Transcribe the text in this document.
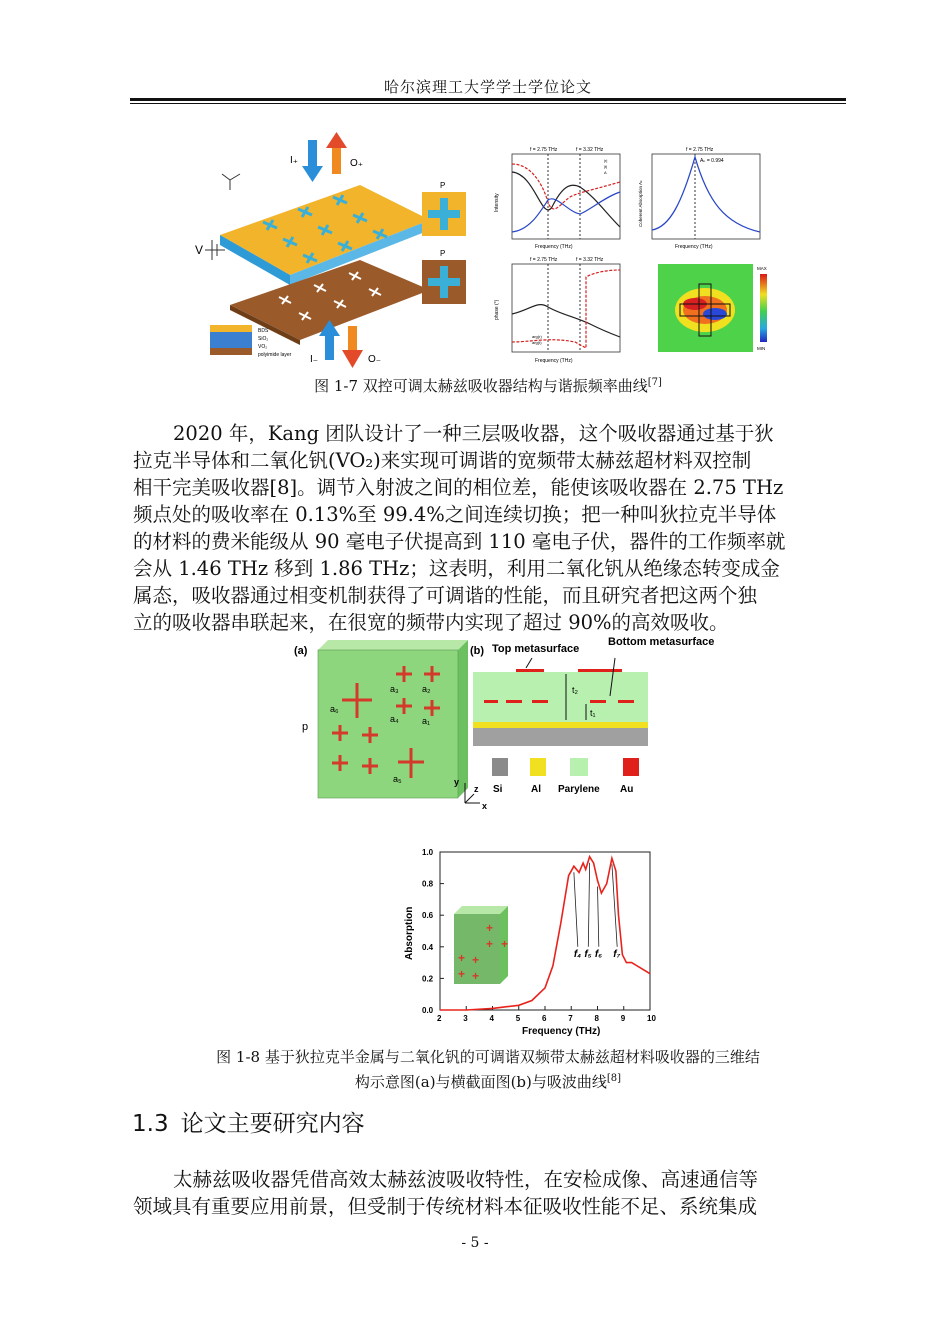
哈尔滨理工大学学士学位论文
I₊	O₊
V
BDS
SiO₂
VO₂
polyimide layer I₋	O₋
P
P
f = 2.75 THz	f = 3.32 THz
Frequency (THz)
Intensity
|r|
|t|
A
f = 2.75 THz
Aₖ = 0.994
Frequency (THz)
Coherent Absorption Aₖ
f = 2.75 THz	f = 3.32 THz
Frequency (THz)
phase (°)
arg(r)
arg(t)
MAX
MIN
图 1-7 双控可调太赫兹吸收器结构与谐振频率曲线[7]
2020 年，Kang 团队设计了一种三层吸收器，这个吸收器通过基于狄
拉克半导体和二氧化钒(VO₂)来实现可调谐的宽频带太赫兹超材料双控制
相干完美吸收器[8]。调节入射波之间的相位差，能使该吸收器在 2.75 THz
频点处的吸收率在 0.13%至 99.4%之间连续切换；把一种叫狄拉克半导体
的材料的费米能级从 90 毫电子伏提高到 110 毫电子伏，器件的工作频率就
会从 1.46 THz 移到 1.86 THz；这表明，利用二氧化钒从绝缘态转变成金
属态，吸收器通过相变机制获得了可调谐的性能，而且研究者把这两个独
立的吸收器串联起来，在很宽的频带内实现了超过 90%的高效吸收。
(a)
p
a₆
a₃	a₂
a₄	a₁
a₅	y
z
x
(b) Top metasurface
Bottom metasurface
t₂
t₁
Si	Al Parylene Au
2	3	4	5	6	7	8	9	10
0.0
0.2
0.4
0.6
0.8
1.0
+
+ +
+ +
+ +
f₄ f₅ f₆ f₇
Frequency (THz)
Absorption
图 1-8 基于狄拉克半金属与二氧化钒的可调谐双频带太赫兹超材料吸收器的三维结
构示意图(a)与横截面图(b)与吸波曲线[8]
1.3 论文主要研究内容
太赫兹吸收器凭借高效太赫兹波吸收特性，在安检成像、高速通信等
领域具有重要应用前景，但受制于传统材料本征吸收性能不足、系统集成
- 5 -
